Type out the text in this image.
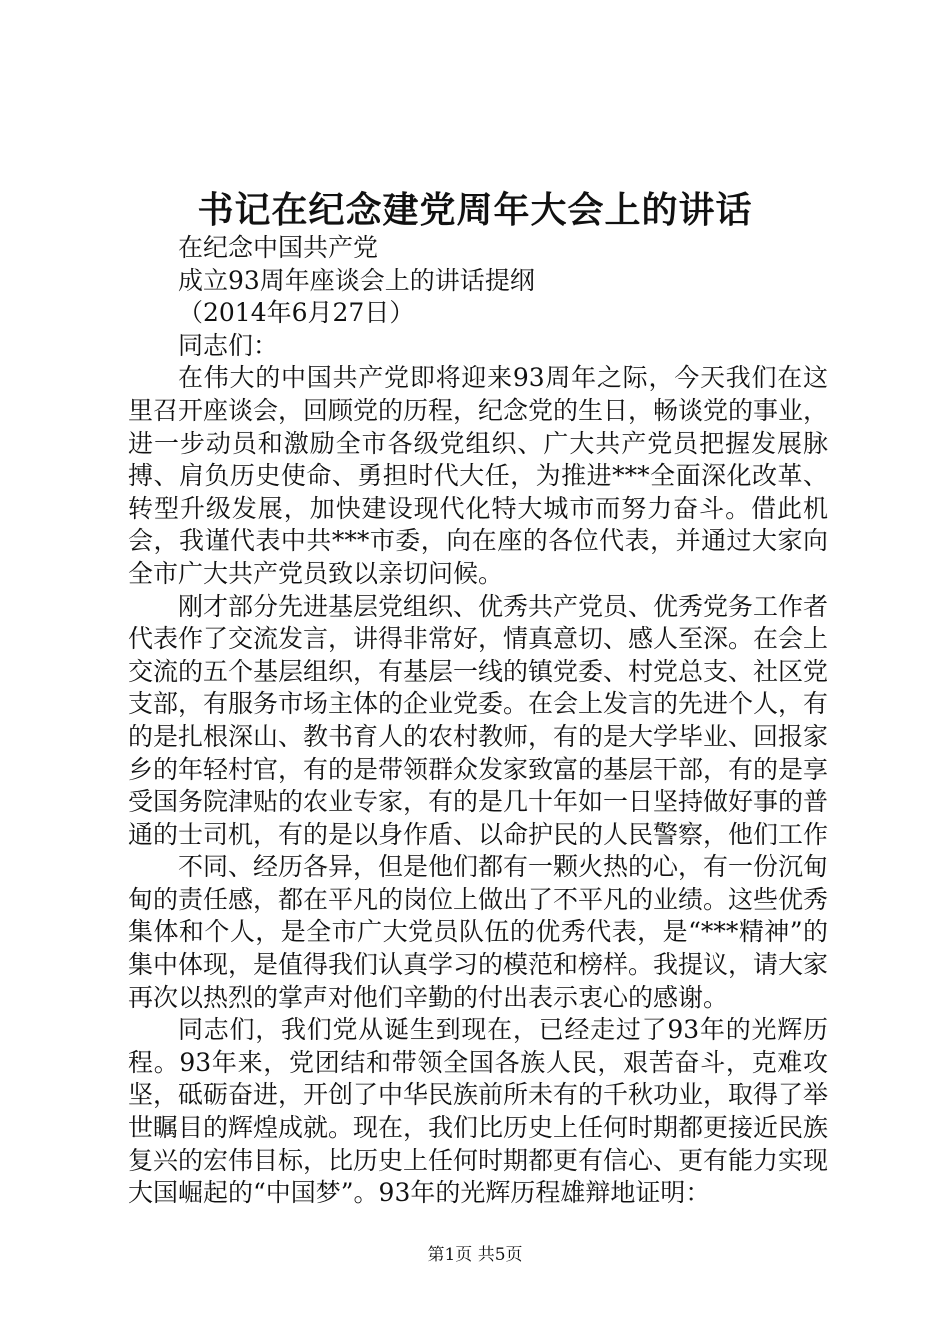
书记在纪念建党周年大会上的讲话

在纪念中国共产党

成立93周年座谈会上的讲话提纲

（2014年6月27日）

同志们：

在伟大的中国共产党即将迎来93周年之际，今天我们在这里召开座谈会，回顾党的历程，纪念党的生日，畅谈党的事业，进一步动员和激励全市各级党组织、广大共产党员把握发展脉搏、肩负历史使命、勇担时代大任，为推进***全面深化改革、转型升级发展，加快建设现代化特大城市而努力奋斗。借此机会，我谨代表中共***市委，向在座的各位代表，并通过大家向全市广大共产党员致以亲切问候。

刚才部分先进基层党组织、优秀共产党员、优秀党务工作者代表作了交流发言，讲得非常好，情真意切、感人至深。在会上交流的五个基层组织，有基层一线的镇党委、村党总支、社区党支部，有服务市场主体的企业党委。在会上发言的先进个人，有的是扎根深山、教书育人的农村教师，有的是大学毕业、回报家乡的年轻村官，有的是带领群众发家致富的基层干部，有的是享受国务院津贴的农业专家，有的是几十年如一日坚持做好事的普通的士司机，有的是以身作盾、以命护民的人民警察，他们工作

不同、经历各异，但是他们都有一颗火热的心，有一份沉甸甸的责任感，都在平凡的岗位上做出了不平凡的业绩。这些优秀集体和个人，是全市广大党员队伍的优秀代表，是“***精神”的集中体现，是值得我们认真学习的模范和榜样。我提议，请大家再次以热烈的掌声对他们辛勤的付出表示衷心的感谢。

同志们，我们党从诞生到现在，已经走过了93年的光辉历程。93年来，党团结和带领全国各族人民，艰苦奋斗，克难攻坚，砥砺奋进，开创了中华民族前所未有的千秋功业，取得了举世瞩目的辉煌成就。现在，我们比历史上任何时期都更接近民族复兴的宏伟目标，比历史上任何时期都更有信心、更有能力实现大国崛起的“中国梦”。93年的光辉历程雄辩地证明：

第1页 共5页
